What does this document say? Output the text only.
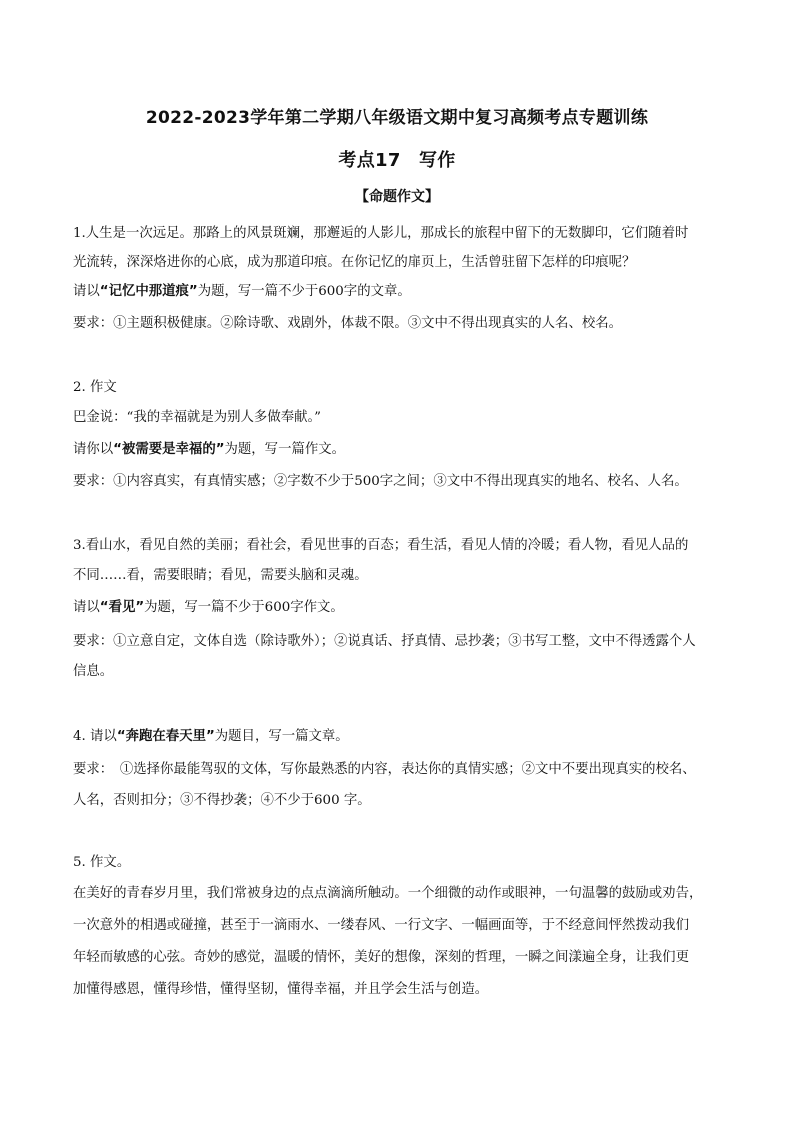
2022-2023学年第二学期八年级语文期中复习高频考点专题训练
考点17　写作
【命题作文】
1.人生是一次远足。那路上的风景斑斓，那邂逅的人影儿，那成长的旅程中留下的无数脚印，它们随着时
光流转，深深烙进你的心底，成为那道印痕。在你记忆的扉页上，生活曾驻留下怎样的印痕呢？
请以“记忆中那道痕”为题，写一篇不少于600字的文章。
要求：①主题积极健康。②除诗歌、戏剧外，体裁不限。③文中不得出现真实的人名、校名。
2. 作文
巴金说：“我的幸福就是为别人多做奉献。”
请你以“被需要是幸福的”为题，写一篇作文。
要求：①内容真实，有真情实感；②字数不少于500字之间；③文中不得出现真实的地名、校名、人名。
3.看山水，看见自然的美丽；看社会，看见世事的百态；看生活，看见人情的冷暖；看人物，看见人品的
不同……看，需要眼睛；看见，需要头脑和灵魂。
请以“看见”为题，写一篇不少于600字作文。
要求：①立意自定，文体自选（除诗歌外）；②说真话、抒真情、忌抄袭；③书写工整，文中不得透露个人
信息。
4. 请以“奔跑在春天里”为题目，写一篇文章。
要求：　①选择你最能驾驭的文体，写你最熟悉的内容，表达你的真情实感；②文中不要出现真实的校名、
人名，否则扣分；③不得抄袭；④不少于600 字。
5. 作文。
在美好的青春岁月里，我们常被身边的点点滴滴所触动。一个细微的动作或眼神，一句温馨的鼓励或劝告，
一次意外的相遇或碰撞，甚至于一滴雨水、一缕春风、一行文字、一幅画面等，于不经意间怦然拨动我们
年轻而敏感的心弦。奇妙的感觉，温暖的情怀，美好的想像，深刻的哲理，一瞬之间漾遍全身，让我们更
加懂得感恩，懂得珍惜，懂得坚韧，懂得幸福，并且学会生活与创造。
